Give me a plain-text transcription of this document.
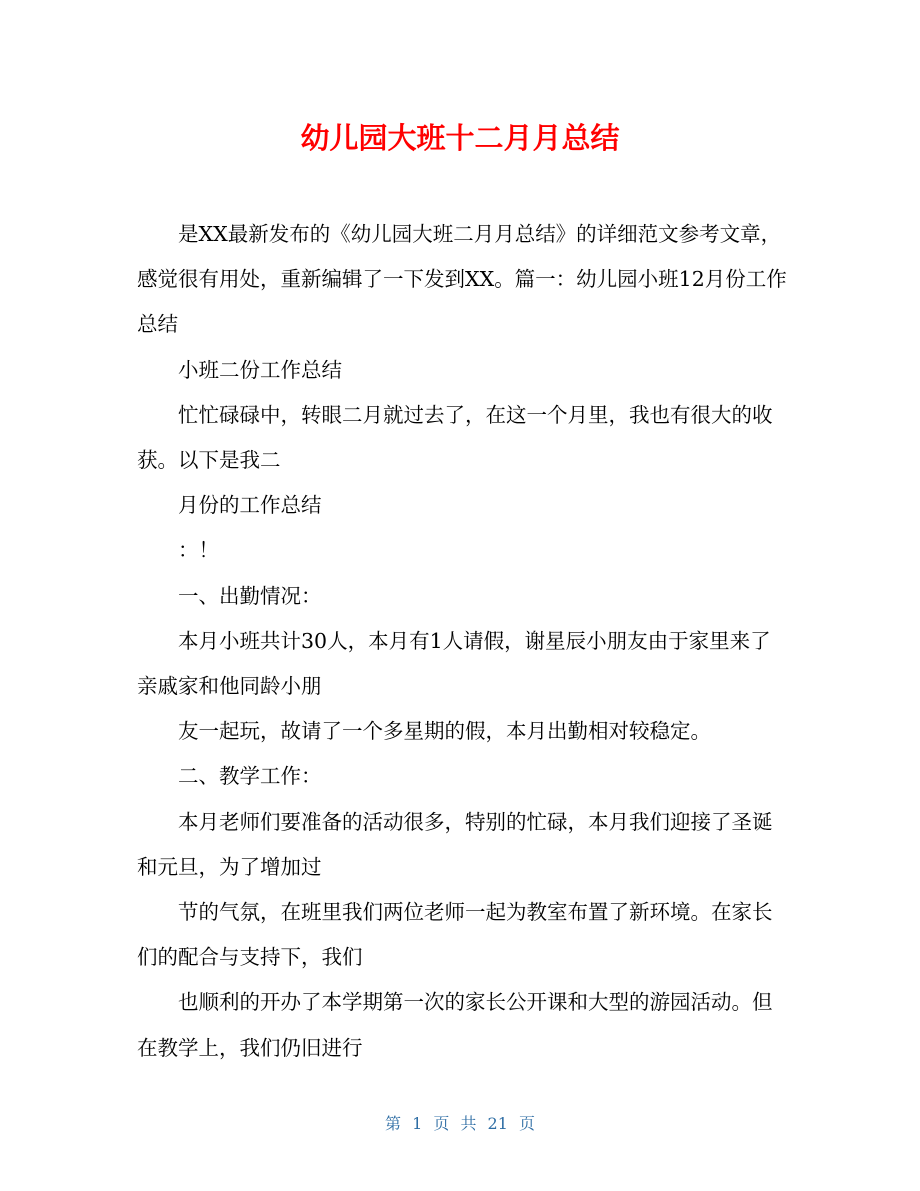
幼儿园大班十二月月总结

是XX最新发布的《幼儿园大班二月月总结》的详细范文参考文章，感觉很有用处，重新编辑了一下发到XX。篇一：幼儿园小班12月份工作总结

小班二份工作总结

忙忙碌碌中，转眼二月就过去了，在这一个月里，我也有很大的收获。以下是我二

月份的工作总结

：！

一、出勤情况：

本月小班共计30人，本月有1人请假，谢星辰小朋友由于家里来了亲戚家和他同龄小朋

友一起玩，故请了一个多星期的假，本月出勤相对较稳定。

二、教学工作：

本月老师们要准备的活动很多，特别的忙碌，本月我们迎接了圣诞和元旦，为了增加过

节的气氛，在班里我们两位老师一起为教室布置了新环境。在家长们的配合与支持下，我们

也顺利的开办了本学期第一次的家长公开课和大型的游园活动。但在教学上，我们仍旧进行

第 1 页 共 21 页
